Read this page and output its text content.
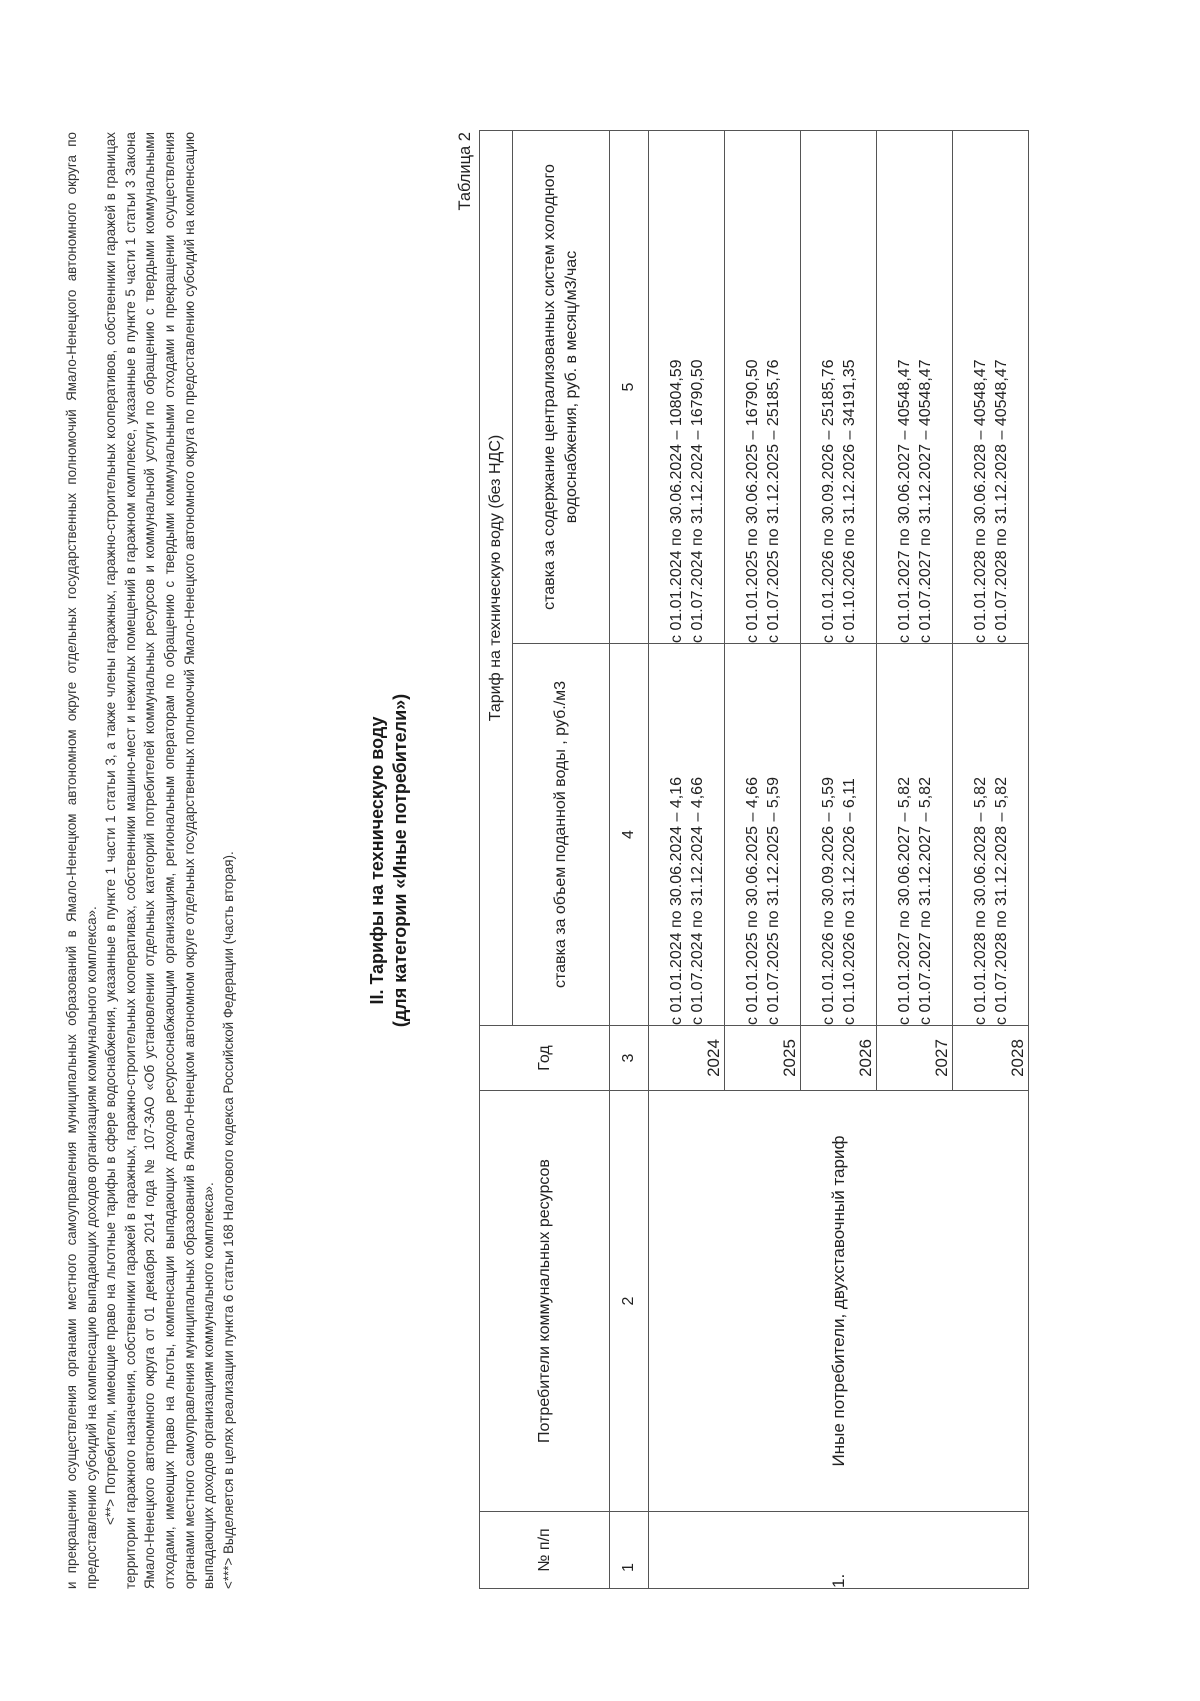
и прекращении осуществления органами местного самоуправления муниципальных образований в Ямало-Ненецком автономном округе отдельных государственных полномочий Ямало-Ненецкого автономного округа по предоставлению субсидий на компенсацию выпадающих доходов организациям коммунального комплекса». <**> Потребители, имеющие право на льготные тарифы в сфере водоснабжения, указанные в пункте 1 части 1 статьи 3, а также члены гаражных, гаражно-строительных кооперативов, собственники гаражей в границах территории гаражного назначения, собственники гаражей в гаражных, гаражно-строительных кооперативах, собственники машино-мест и нежилых помещений в гаражном комплексе, указанные в пункте 5 части 1 статьи 3 Закона Ямало-Ненецкого автономного округа от 01 декабря 2014 года № 107-ЗАО «Об установлении отдельных категорий потребителей коммунальных ресурсов и коммунальной услуги по обращению с твердыми коммунальными отходами, имеющих право на льготы, компенсации выпадающих доходов ресурсоснабжающим организациям, региональным операторам по обращению с твердыми коммунальными отходами и прекращении осуществления органами местного самоуправления муниципальных образований в Ямало-Ненецком автономном округе отдельных государственных полномочий Ямало-Ненецкого автономного округа по предоставлению субсидий на компенсацию выпадающих доходов организациям коммунального комплекса». <***> Выделяется в целях реализации пункта 6 статьи 168 Налогового кодекса Российской Федерации (часть вторая).	II. Тарифы на техническую воду (для категории «Иные потребители»)
Таблица 2
№ п/п	Потребители коммунальных ресурсов	Год	Тариф на техническую воду (без НДС)	
			ставка за объем поданной воды , руб./м3	ставка за содержание централизованных систем холодного водоснабжения, руб. в месяц/м3/час
1	2	3	4	5
1.	Иные потребители, двухставочный тариф	2024	с 01.01.2024 по 30.06.2024 – 4,16 с 01.07.2024 по 31.12.2024 – 4,66	с 01.01.2024 по 30.06.2024 – 10804,59 с 01.07.2024 по 31.12.2024 – 16790,50

		2025	с 01.01.2025 по 30.06.2025 – 4,66 с 01.07.2025 по 31.12.2025 – 5,59	с 01.01.2025 по 30.06.2025 – 16790,50 с 01.07.2025 по 31.12.2025 – 25185,76

		2026	с 01.01.2026 по 30.09.2026 – 5,59 с 01.10.2026 по 31.12.2026 – 6,11	с 01.01.2026 по 30.09.2026 – 25185,76 с 01.10.2026 по 31.12.2026 – 34191,35

		2027	с 01.01.2027 по 30.06.2027 – 5,82 с 01.07.2027 по 31.12.2027 – 5,82	с 01.01.2027 по 30.06.2027 – 40548,47 с 01.07.2027 по 31.12.2027 – 40548,47

		2028	с 01.01.2028 по 30.06.2028 – 5,82 с 01.07.2028 по 31.12.2028 – 5,82	с 01.01.2028 по 30.06.2028 – 40548,47 с 01.07.2028 по 31.12.2028 – 40548,47
